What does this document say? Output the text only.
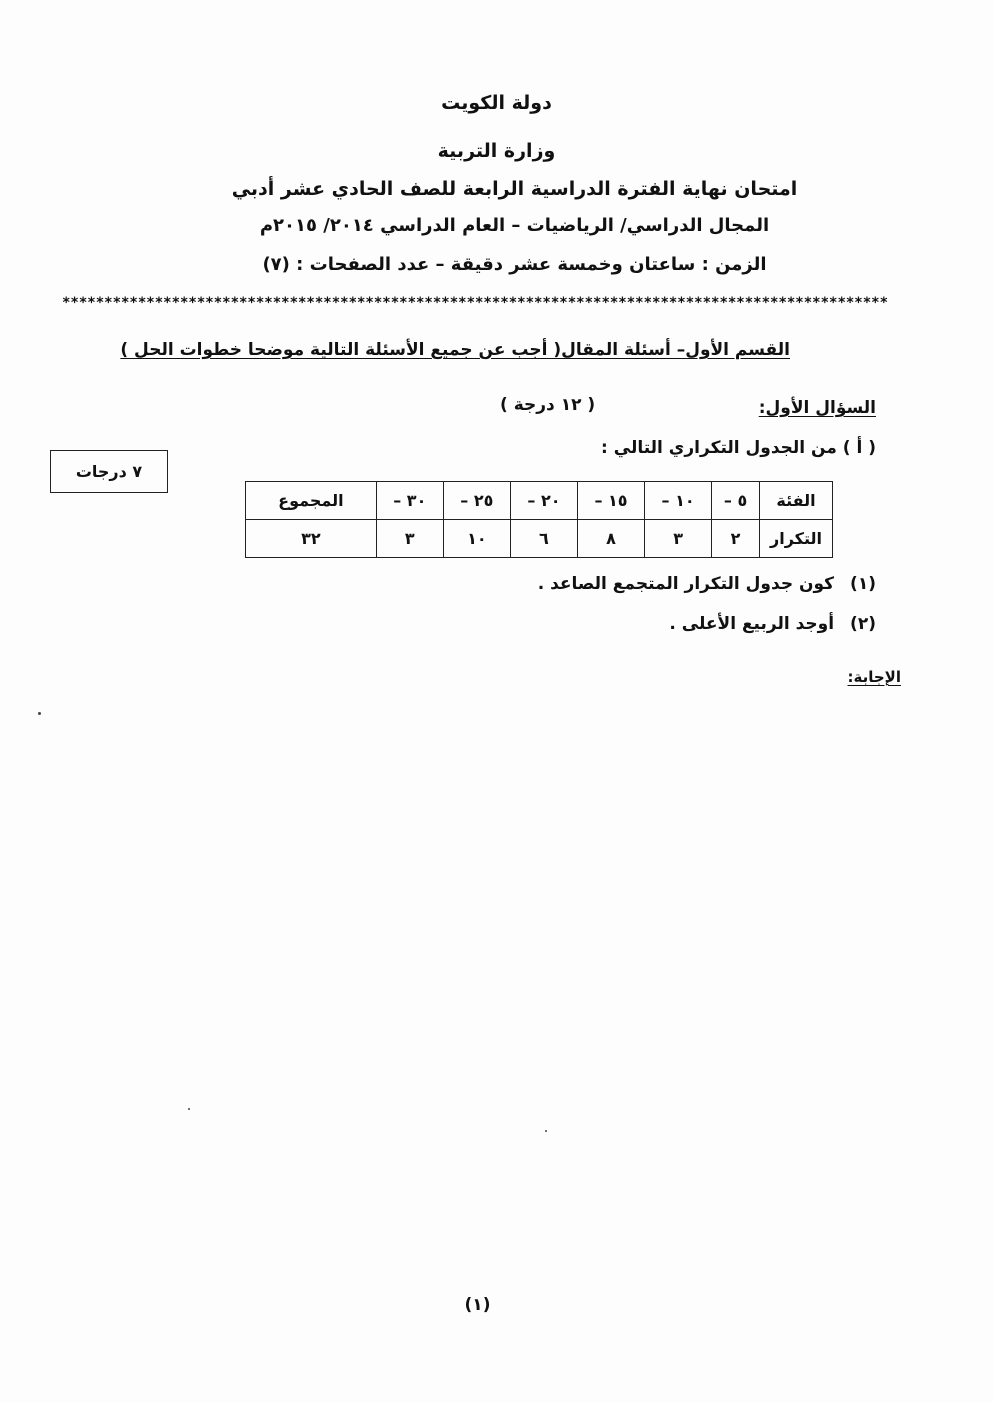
دولة الكويت
وزارة التربية
امتحان نهاية الفترة الدراسية الرابعة للصف الحادي عشر أدبي
المجال الدراسي/ الرياضيات – العام الدراسي ٢٠١٤/ ٢٠١٥م
الزمن : ساعتان وخمسة عشر دقيقة – عدد الصفحات : (٧)
**************************************************************************************************
القسم الأول– أسئلة المقال( أجب عن جميع الأسئلة التالية موضحا خطوات الحل )
السؤال الأول:
( ١٢ درجة )
( أ ) من الجدول التكراري التالي :
٧ درجات
الفئة	٥ –	١٠ –	١٥ –	٢٠ –	٢٥ –	٣٠ –	المجموع
التكرار	٢	٣	٨	٦	١٠	٣	٣٢
(١)
كون جدول التكرار المتجمع الصاعد .
(٢)
أوجد الربيع الأعلى .
الإجابة:
(١)
